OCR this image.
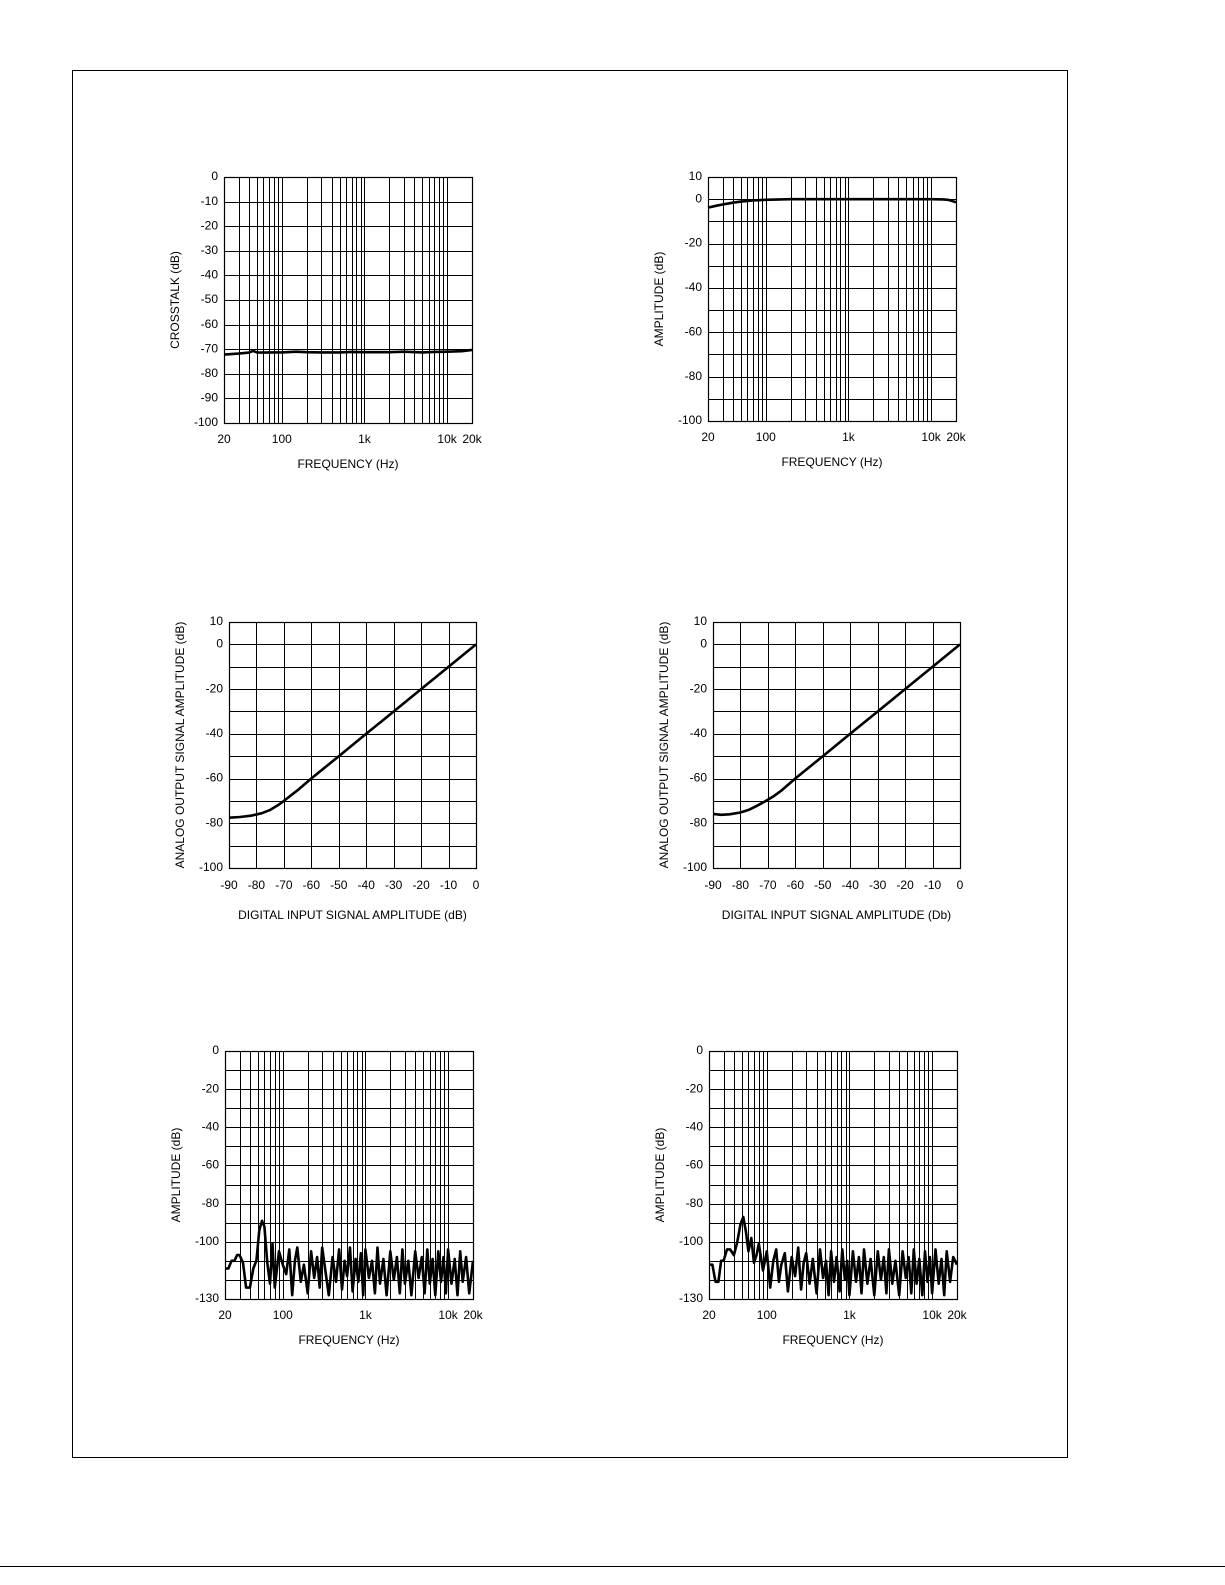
0
-10
-20
-30
-40
-50
-60
-70
-80
-90
-100
20	100	1k	10k 20k
FREQUENCY (Hz)
CROSSTALK (dB)
10
0
-20
-40
-60
-80
-100
20	100	1k	10k 20k
FREQUENCY (Hz)
AMPLITUDE (dB)
10
0
-20
-40
-60
-80
-100
-90 -80 -70 -60 -50 -40 -30 -20 -10 0
DIGITAL INPUT SIGNAL AMPLITUDE (dB)
ANALOG OUTPUT SIGNAL AMPLITUDE (dB)
10
0
-20
-40
-60
-80
-100
-90 -80 -70 -60 -50 -40 -30 -20 -10 0
DIGITAL INPUT SIGNAL AMPLITUDE (Db)
ANALOG OUTPUT SIGNAL AMPLITUDE (dB)
0
-20
-40
-60
-80
-100
-130
20	100	1k	10k 20k
FREQUENCY (Hz)
AMPLITUDE (dB)
0
-20
-40
-60
-80
-100
-130
20	100	1k	10k 20k
FREQUENCY (Hz)
AMPLITUDE (dB)
